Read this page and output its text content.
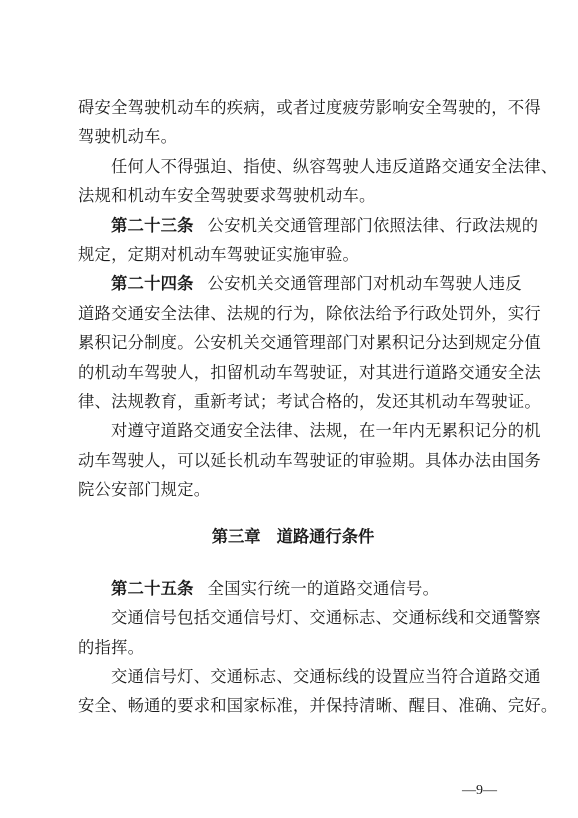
碍安全驾驶机动车的疾病，或者过度疲劳影响安全驾驶的，不得
驾驶机动车。
任何人不得强迫、指使、纵容驾驶人违反道路交通安全法律、
法规和机动车安全驾驶要求驾驶机动车。
第二十三条 公安机关交通管理部门依照法律、行政法规的
规定，定期对机动车驾驶证实施审验。
第二十四条 公安机关交通管理部门对机动车驾驶人违反
道路交通安全法律、法规的行为，除依法给予行政处罚外，实行
累积记分制度。公安机关交通管理部门对累积记分达到规定分值
的机动车驾驶人，扣留机动车驾驶证，对其进行道路交通安全法
律、法规教育，重新考试；考试合格的，发还其机动车驾驶证。
对遵守道路交通安全法律、法规，在一年内无累积记分的机
动车驾驶人，可以延长机动车驾驶证的审验期。具体办法由国务
院公安部门规定。
第三章 道路通行条件
第二十五条 全国实行统一的道路交通信号。
交通信号包括交通信号灯、交通标志、交通标线和交通警察
的指挥。
交通信号灯、交通标志、交通标线的设置应当符合道路交通
安全、畅通的要求和国家标准，并保持清晰、醒目、准确、完好。
—9—
